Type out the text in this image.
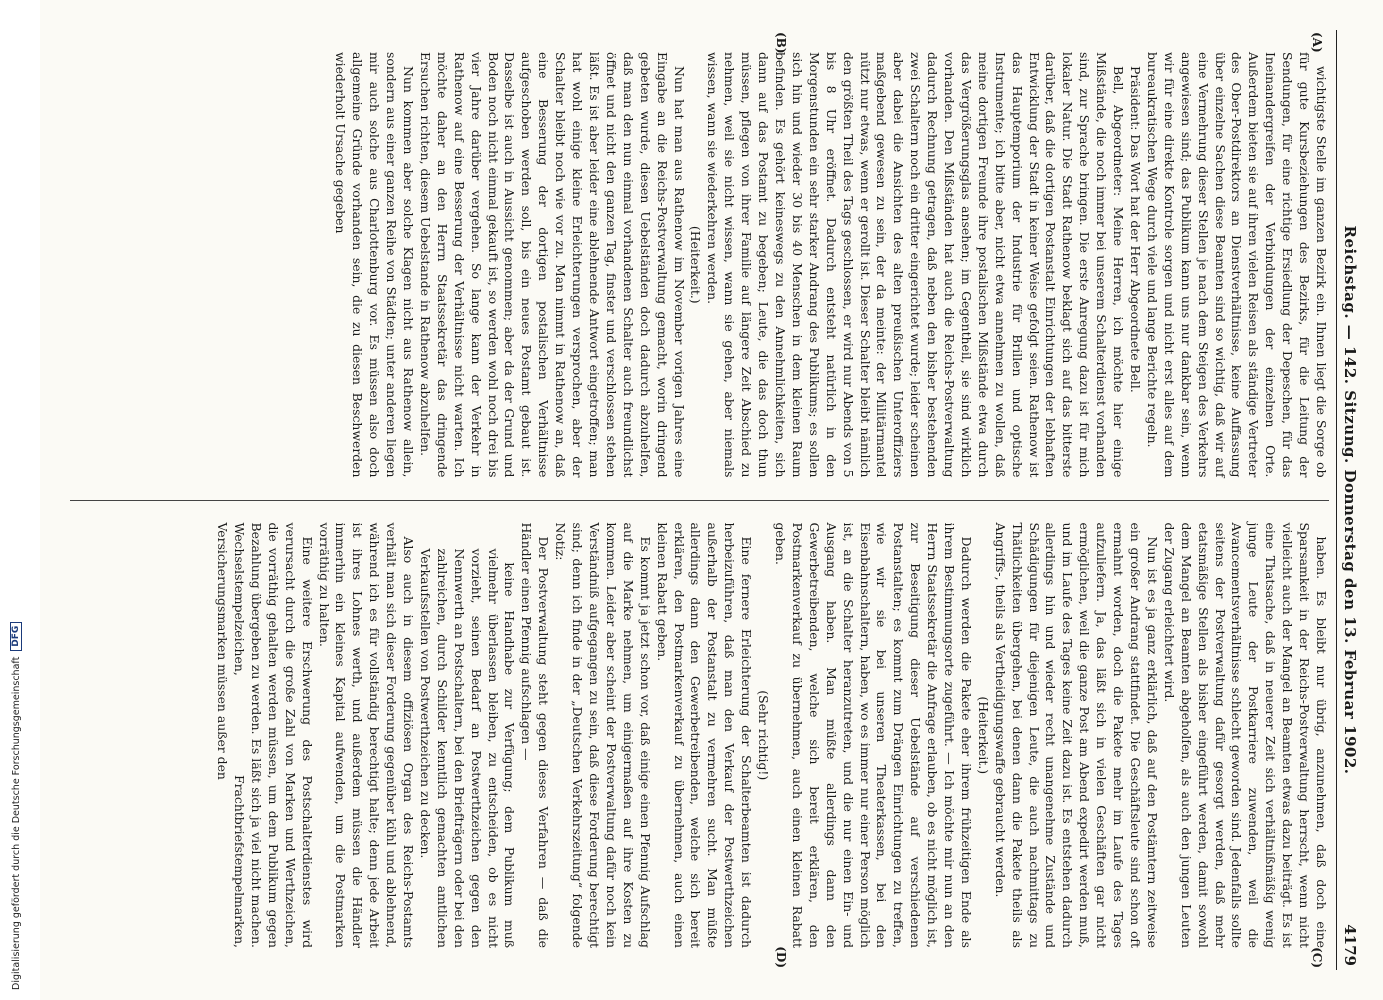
Reichstag. — 142. Sitzung. Donnerstag den 13. Februar 1902.
4179
(A)
(B)

wichtigste Stelle im ganzen Bezirk ein. Ihnen liegt die Sorge ob für gute Kursbeziehungen des Bezirks, für die Leitung der Sendungen, für eine richtige Ersiedlung der Depeschen, für das Ineinandergreifen der Verbindungen der einzelnen Orte. Außerdem bieten sie auf ihren vielen Reisen als ständige Vertreter des Ober-Postdirektors an Dienstverhältnisse, keine Auffassung über einzelne Sachen diese Beamten sind so wichtig, daß wir auf eine Vermehrung dieser Stellen je nach dem Steigen des Verkehrs angewiesen sind; das Publikum kann uns nur dankbar sein, wenn wir für eine direkte Kontrole sorgen und nicht erst alles auf dem bureaukratischen Wege durch viele und lange Berichte regeln.

Präsident: Das Wort hat der Herr Abgeordnete Bell.

Bell, Abgeordneter: Meine Herren, ich möchte hier einige Mißstände, die noch immer bei unserem Schalterdienst vorhanden sind, zur Sprache bringen. Die erste Anregung dazu ist für mich lokaler Natur. Die Stadt Rathenow beklagt sich auf das bitterste darüber, daß die dortigen Postanstalt Einrichtungen der lebhaften Entwicklung der Stadt in keiner Weise gefolgt seien. Rathenow ist das Hauptemporium der Industrie für Brillen und optische Instrumente; ich bitte aber, nicht etwa annehmen zu wollen, daß meine dortigen Freunde ihre postalischen Mißstände etwa durch das Vergrößerungsglas ansehen; im Gegentheil, sie sind wirklich vorhanden. Den Mißständen hat auch die Reichs-Postverwaltung dadurch Rechnung getragen, daß neben den bisher bestehenden zwei Schaltern noch ein dritter eingerichtet wurde; leider scheinen aber dabei die Ansichten des alten preußischen Unteroffiziers maßgebend gewesen zu sein, der da meinte: der Militärmantel nützt nur etwas, wenn er gerollt ist. Dieser Schalter bleibt nämlich den größten Theil des Tags geschlossen, er wird nur Abends von 5 bis 8 Uhr eröffnet. Dadurch entsteht natürlich in den Morgenstunden ein sehr starker Andrang des Publikums; es sollen sich hin und wieder 30 bis 40 Menschen in dem kleinen Raum befinden. Es gehört keineswegs zu den Annehmlichkeiten, sich dann auf das Postamt zu begeben; Leute, die das doch thun müssen, pflegen von ihrer Familie auf längere Zeit Abschied zu nehmen, weil sie nicht wissen, wann sie gehen, aber niemals wissen, wann sie wiederkehren werden.

(Heiterkeit.)

Nun hat man aus Rathenow im November vorigen Jahres eine Eingabe an die Reichs-Postverwaltung gemacht, worin dringend gebeten wurde, diesen Uebelständen doch dadurch abzuhelfen, daß man den nun einmal vorhandenen Schalter auch freundlichst öffnet und nicht den ganzen Tag, finster und verschlossen stehen läßt. Es ist aber leider eine ablehnende Antwort eingetroffen; man hat wohl einige kleine Erleichterungen versprochen, aber der Schalter bleibt noch wie vor zu. Man nimmt in Rathenow an, daß eine Besserung der dortigen postalischen Verhältnisse aufgeschoben werden soll, bis ein neues Postamt gebaut ist. Dasselbe ist auch in Aussicht genommen; aber da der Grund und Boden noch nicht einmal gekauft ist, so werden wohl noch drei bis vier Jahre darüber vergehen. So lange kann der Verkehr in Rathenow auf eine Besserung der Verhältnisse nicht warten. Ich möchte daher an den Herrn Staatssekretär das dringende Ersuchen richten, diesem Uebelstande in Rathenow abzuhelfen.

Nun kommen aber solche Klagen nicht aus Rathenow allein, sondern aus einer ganzen Reihe von Städten; unter anderen liegen mir auch solche aus Charlottenburg vor. Es müssen also doch allgemeine Gründe vorhanden sein, die zu diesen Beschwerden wiederholt Ursache gegeben

(C)
(D)

haben. Es bleibt nur übrig, anzunehmen, daß doch eine Sparsamkeit in der Reichs-Postverwaltung herrscht, wenn nicht vielleicht auch der Mangel an Beamten etwas dazu beiträgt. Es ist eine Thatsache, daß in neuerer Zeit sich verhältnißmäßig wenig junge Leute der Postkarriere zuwenden, weil die Avancementsverhältnisse schlecht geworden sind. Jedenfalls sollte seitens der Postverwaltung dafür gesorgt werden, daß mehr etatsmäßige Stellen als bisher eingeführt werden, damit sowohl dem Mangel an Beamten abgeholfen, als auch den jungen Leuten der Zugang erleichtert wird.

Nun ist es ja ganz erklärlich, daß auf den Postämtern zeitweise ein großer Andrang stattfindet. Die Geschäftsleute sind schon oft ermahnt worden, doch die Pakete mehr im Laufe des Tages aufzuliefern. Ja, das läßt sich in vielen Geschäften gar nicht ermöglichen, weil die ganze Post am Abend expedirt werden muß, und im Laufe des Tages keine Zeit dazu ist. Es entstehen dadurch allerdings hin und wieder recht unangenehme Zustände und Schädigungen für diejenigen Leute, die auch nachmittags zu Thätlichkeiten übergehen, bei denen dann die Pakete theils als Angriffs-, theils als Vertheidigungswaffe gebraucht werden.

(Heiterkeit.)

Dadurch werden die Pakete eher ihrem frühzeitigen Ende als ihrem Bestimmungsorte zugeführt. — Ich möchte mir nun an den Herrn Staatssekretär die Anfrage erlauben, ob es nicht möglich ist, zur Beseitigung dieser Uebelstände auf verschiedenen Postanstalten; es kommt zum Drängen Einrichtungen zu treffen, wie wir sie bei unseren Theaterkassen, bei den Eisenbahnschaltern, haben, wo es immer nur einer Person möglich ist, an die Schalter heranzutreten, und die nur einen Ein- und Ausgang haben. Man müßte allerdings dann den Gewerbetreibenden, welche sich bereit erklären, den Postmarkenverkauf zu übernehmen, auch einen kleinen Rabatt geben.

(Sehr richtig!)

Eine fernere Erleichterung der Schalterbeamten ist dadurch herbeizuführen, daß man den Verkauf der Postwerthzeichen außerhalb der Postanstalt zu vermehren sucht. Man müßte allerdings dann den Gewerbetreibenden, welche sich bereit erklären, den Postmarkenverkauf zu übernehmen, auch einen kleinen Rabatt geben.

Es kommt ja jetzt schon vor, daß einige einen Pfennig Aufschlag auf die Marke nehmen, um einigermaßen auf ihre Kosten zu kommen. Leider aber scheint der Postverwaltung dafür noch kein Verständniß aufgegangen zu sein, daß diese Forderung berechtigt sind; denn ich finde in der „Deutschen Verkehrszeitung“ folgende Notiz:

Der Postverwaltung steht gegen dieses Verfahren — daß die Händler einen Pfennig aufschlagen —

keine Handhabe zur Verfügung; dem Publikum muß vielmehr überlassen bleiben, zu entscheiden, ob es nicht vorzieht, seinen Bedarf an Postwerthzeichen gegen den Nennwerth an Postschaltern, bei den Briefträgern oder bei den zahlreichen, durch Schilder kenntlich gemachten amtlichen Verkaufsstellen von Postwerthzeichen zu decken.

Also auch in diesem offiziösen Organ des Reichs-Postamts verhält man sich dieser Forderung gegenüber kühl und ablehnend, während ich es für vollständig berechtigt halte; denn jede Arbeit ist ihres Lohnes werth, und außerdem müssen die Händler immerhin ein kleines Kapital aufwenden, um die Postmarken vorräthig zu halten.

Eine weitere Erschwerung des Postschalterdienstes wird verursacht durch die große Zahl von Marken und Werthzeichen, die vorräthig gehalten werden müssen, um dem Publikum gegen Bezahlung übergeben zu werden. Es läßt sich ja viel nicht machen. Wechselstempelzeichen, Frachtbriefstempelmarken, Versicherungsmarken müssen außer den

Digitalisierung gefördert durch die Deutsche Forschungsgemeinschaft
DFG
